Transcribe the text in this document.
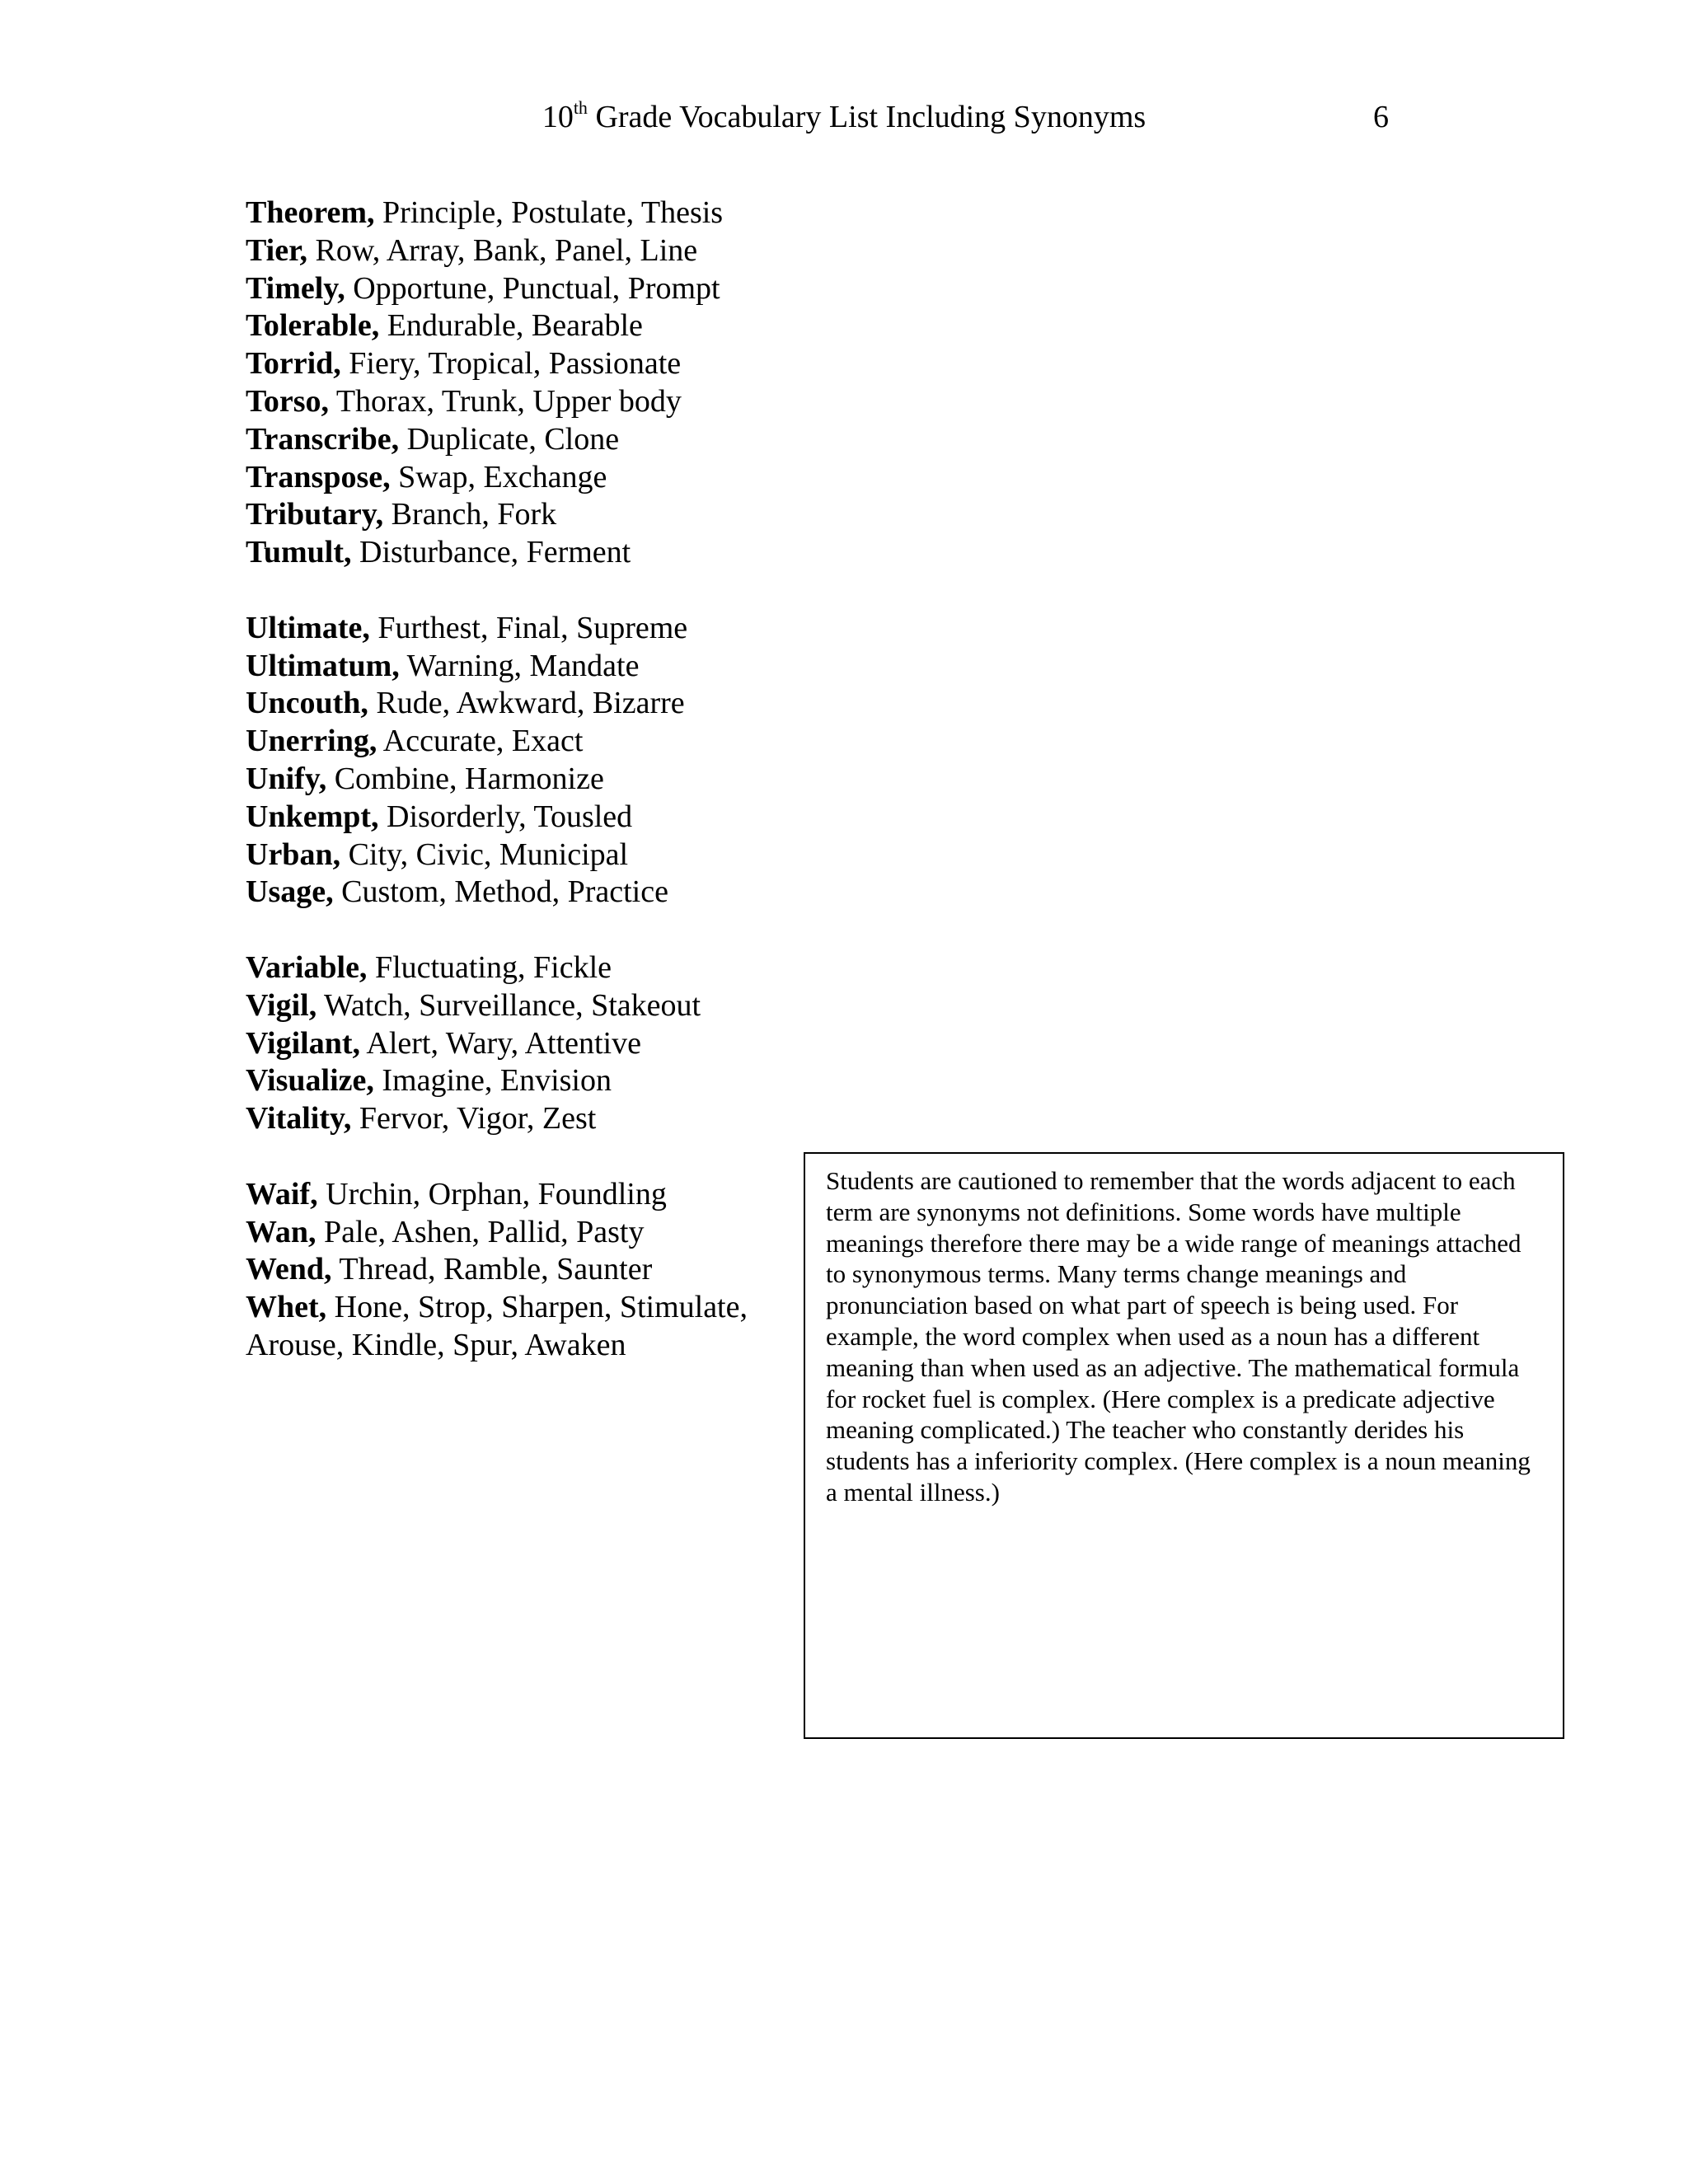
10th Grade Vocabulary List Including Synonyms	6
Theorem, Principle, Postulate, Thesis
Tier, Row, Array, Bank, Panel, Line
Timely, Opportune, Punctual, Prompt
Tolerable, Endurable, Bearable
Torrid, Fiery, Tropical, Passionate
Torso, Thorax, Trunk, Upper body
Transcribe, Duplicate, Clone
Transpose, Swap, Exchange
Tributary, Branch, Fork
Tumult, Disturbance, Ferment
Ultimate, Furthest, Final, Supreme
Ultimatum, Warning, Mandate
Uncouth, Rude, Awkward, Bizarre
Unerring, Accurate, Exact
Unify, Combine, Harmonize
Unkempt, Disorderly, Tousled
Urban, City, Civic, Municipal
Usage, Custom, Method, Practice
Variable, Fluctuating, Fickle
Vigil, Watch, Surveillance, Stakeout
Vigilant, Alert, Wary, Attentive
Visualize, Imagine, Envision
Vitality, Fervor, Vigor, Zest
Waif, Urchin, Orphan, Foundling
Wan, Pale, Ashen, Pallid, Pasty
Wend, Thread, Ramble, Saunter
Whet, Hone, Strop, Sharpen, Stimulate, Arouse, Kindle, Spur, Awaken

Students are cautioned to remember that the words adjacent to each term are synonyms not definitions. Some words have multiple meanings therefore there may be a wide range of meanings attached to synonymous terms. Many terms change meanings and pronunciation based on what part of speech is being used. For example, the word complex when used as a noun has a different meaning than when used as an adjective. The mathematical formula for rocket fuel is complex. (Here complex is a predicate adjective meaning complicated.) The teacher who constantly derides his students has a inferiority complex. (Here complex is a noun meaning a mental illness.)
